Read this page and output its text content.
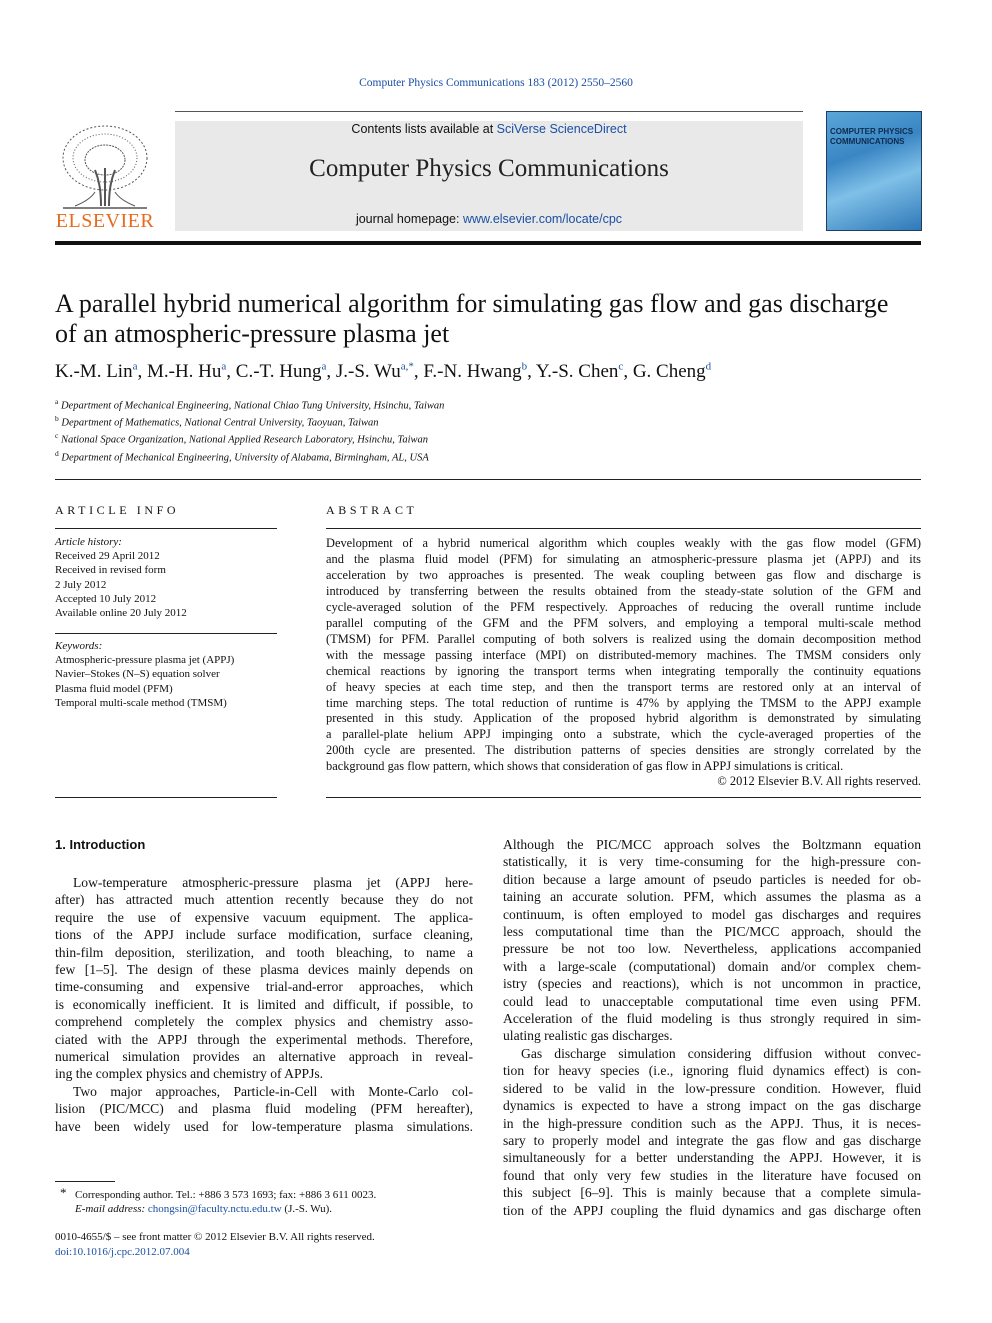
Computer Physics Communications 183 (2012) 2550–2560
ELSEVIER
Contents lists available at SciVerse ScienceDirect
Computer Physics Communications
journal homepage: www.elsevier.com/locate/cpc
COMPUTER PHYSICS COMMUNICATIONS
A parallel hybrid numerical algorithm for simulating gas flow and gas discharge
of an atmospheric-pressure plasma jet
K.-M. Lin$^a$, M.-H. Hu$^a$, C.-T. Hung$^a$, J.-S. $Wu^{a,*}$, F.-N. Hwang$^b$, Y.-S. Chen$^c$, G. Cheng$^d$
$^a$ Department of Mechanical Engineering, National Chiao Tung University, Hsinchu, Taiwan
$^b$ Department of Mathematics, National Central University, Taoyuan, Taiwan
$^c$ National Space Organization, National Applied Research Laboratory, Hsinchu, Taiwan
$^d$ Department of Mechanical Engineering, University of Alabama, Birmingham, AL, USA
ARTICLE INFO
Article history:
Received 29 April 2012
Received in revised form
2 July 2012
Accepted 10 July 2012
Available online 20 July 2012
Keywords:
Atmospheric-pressure plasma jet (APPJ)
Navier–Stokes (N–S) equation solver
Plasma fluid model (PFM)
Temporal multi-scale method (TMSM)
ABSTRACT
Development of a hybrid numerical algorithm which couples weakly with the gas flow model (GFM)
and the plasma fluid model (PFM) for simulating an atmospheric-pressure plasma jet (APPJ) and its
acceleration by two approaches is presented. The weak coupling between gas flow and discharge is
introduced by transferring between the results obtained from the steady-state solution of the GFM and
cycle-averaged solution of the PFM respectively. Approaches of reducing the overall runtime include
parallel computing of the GFM and the PFM solvers, and employing a temporal multi-scale method
(TMSM) for PFM. Parallel computing of both solvers is realized using the domain decomposition method
with the message passing interface (MPI) on distributed-memory machines. The TMSM considers only
chemical reactions by ignoring the transport terms when integrating temporally the continuity equations
of heavy species at each time step, and then the transport terms are restored only at an interval of
time marching steps. The total reduction of runtime is 47% by applying the TMSM to the APPJ example
presented in this study. Application of the proposed hybrid algorithm is demonstrated by simulating
a parallel-plate helium APPJ impinging onto a substrate, which the cycle-averaged properties of the
200th cycle are presented. The distribution patterns of species densities are strongly correlated by the
background gas flow pattern, which shows that consideration of gas flow in APPJ simulations is critical.
© 2012 Elsevier B.V. All rights reserved.
1. Introduction
Low-temperature atmospheric-pressure plasma jet (APPJ here-
after) has attracted much attention recently because they do not
require the use of expensive vacuum equipment. The applica-
tions of the APPJ include surface modification, surface cleaning,
thin-film deposition, sterilization, and tooth bleaching, to name a
few [1–5]. The design of these plasma devices mainly depends on
time-consuming and expensive trial-and-error approaches, which
is economically inefficient. It is limited and difficult, if possible, to
comprehend completely the complex physics and chemistry asso-
ciated with the APPJ through the experimental methods. Therefore,
numerical simulation provides an alternative approach in reveal-
ing the complex physics and chemistry of APPJs.
Two major approaches, Particle-in-Cell with Monte-Carlo col-
lision (PIC/MCC) and plasma fluid modeling (PFM hereafter),
have been widely used for low-temperature plasma simulations.
Although the PIC/MCC approach solves the Boltzmann equation
statistically, it is very time-consuming for the high-pressure con-
dition because a large amount of pseudo particles is needed for ob-
taining an accurate solution. PFM, which assumes the plasma as a
continuum, is often employed to model gas discharges and requires
less computational time than the PIC/MCC approach, should the
pressure be not too low. Nevertheless, applications accompanied
with a large-scale (computational) domain and/or complex chem-
istry (species and reactions), which is not uncommon in practice,
could lead to unacceptable computational time even using PFM.
Acceleration of the fluid modeling is thus strongly required in sim-
ulating realistic gas discharges.
Gas discharge simulation considering diffusion without convec-
tion for heavy species (i.e., ignoring fluid dynamics effect) is con-
sidered to be valid in the low-pressure condition. However, fluid
dynamics is expected to have a strong impact on the gas discharge
in the high-pressure condition such as the APPJ. Thus, it is neces-
sary to properly model and integrate the gas flow and gas discharge
simultaneously for a better understanding the APPJ. However, it is
found that only very few studies in the literature have focused on
this subject [6–9]. This is mainly because that a complete simula-
tion of the APPJ coupling the fluid dynamics and gas discharge often
* Corresponding author. Tel.: +886 3 573 1693; fax: +886 3 611 0023.
E-mail address: chongsin@faculty.nctu.edu.tw (J.-S. Wu).
0010-4655/$ – see front matter © 2012 Elsevier B.V. All rights reserved.
doi:10.1016/j.cpc.2012.07.004
